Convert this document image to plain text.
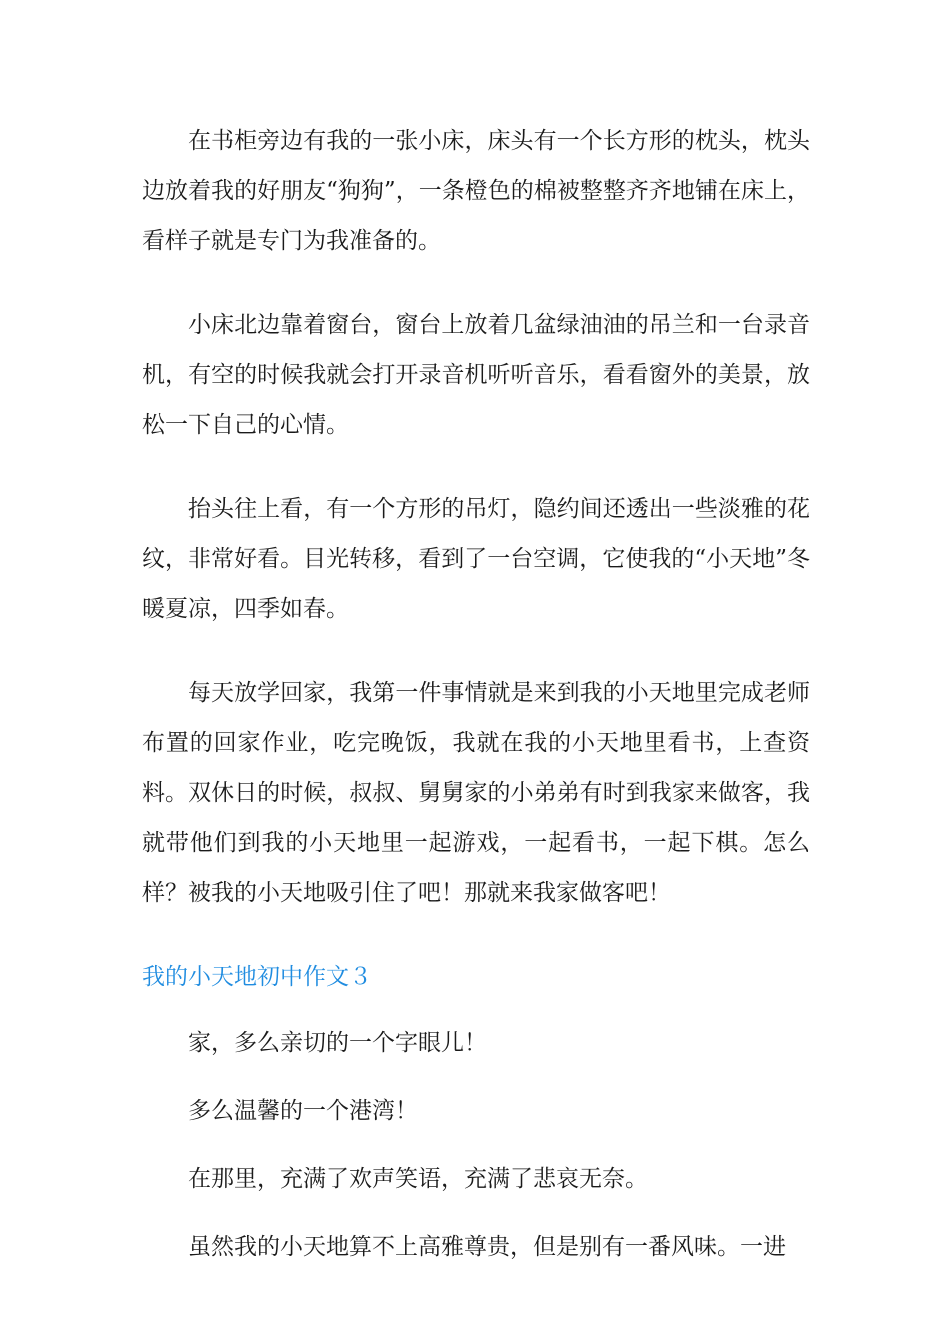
在书柜旁边有我的一张小床，床头有一个长方形的枕头，枕头边放着我的好朋友“狗狗”，一条橙色的棉被整整齐齐地铺在床上，看样子就是专门为我准备的。

小床北边靠着窗台，窗台上放着几盆绿油油的吊兰和一台录音机，有空的时候我就会打开录音机听听音乐，看看窗外的美景，放松一下自己的心情。

抬头往上看，有一个方形的吊灯，隐约间还透出一些淡雅的花纹，非常好看。目光转移，看到了一台空调，它使我的“小天地”冬暖夏凉，四季如春。

每天放学回家，我第一件事情就是来到我的小天地里完成老师布置的回家作业，吃完晚饭，我就在我的小天地里看书，上查资料。双休日的时候，叔叔、舅舅家的小弟弟有时到我家来做客，我就带他们到我的小天地里一起游戏，一起看书，一起下棋。怎么样？被我的小天地吸引住了吧！那就来我家做客吧！

我的小天地初中作文３

家，多么亲切的一个字眼儿！

多么温馨的一个港湾！

在那里，充满了欢声笑语，充满了悲哀无奈。

虽然我的小天地算不上高雅尊贵，但是别有一番风味。一进
